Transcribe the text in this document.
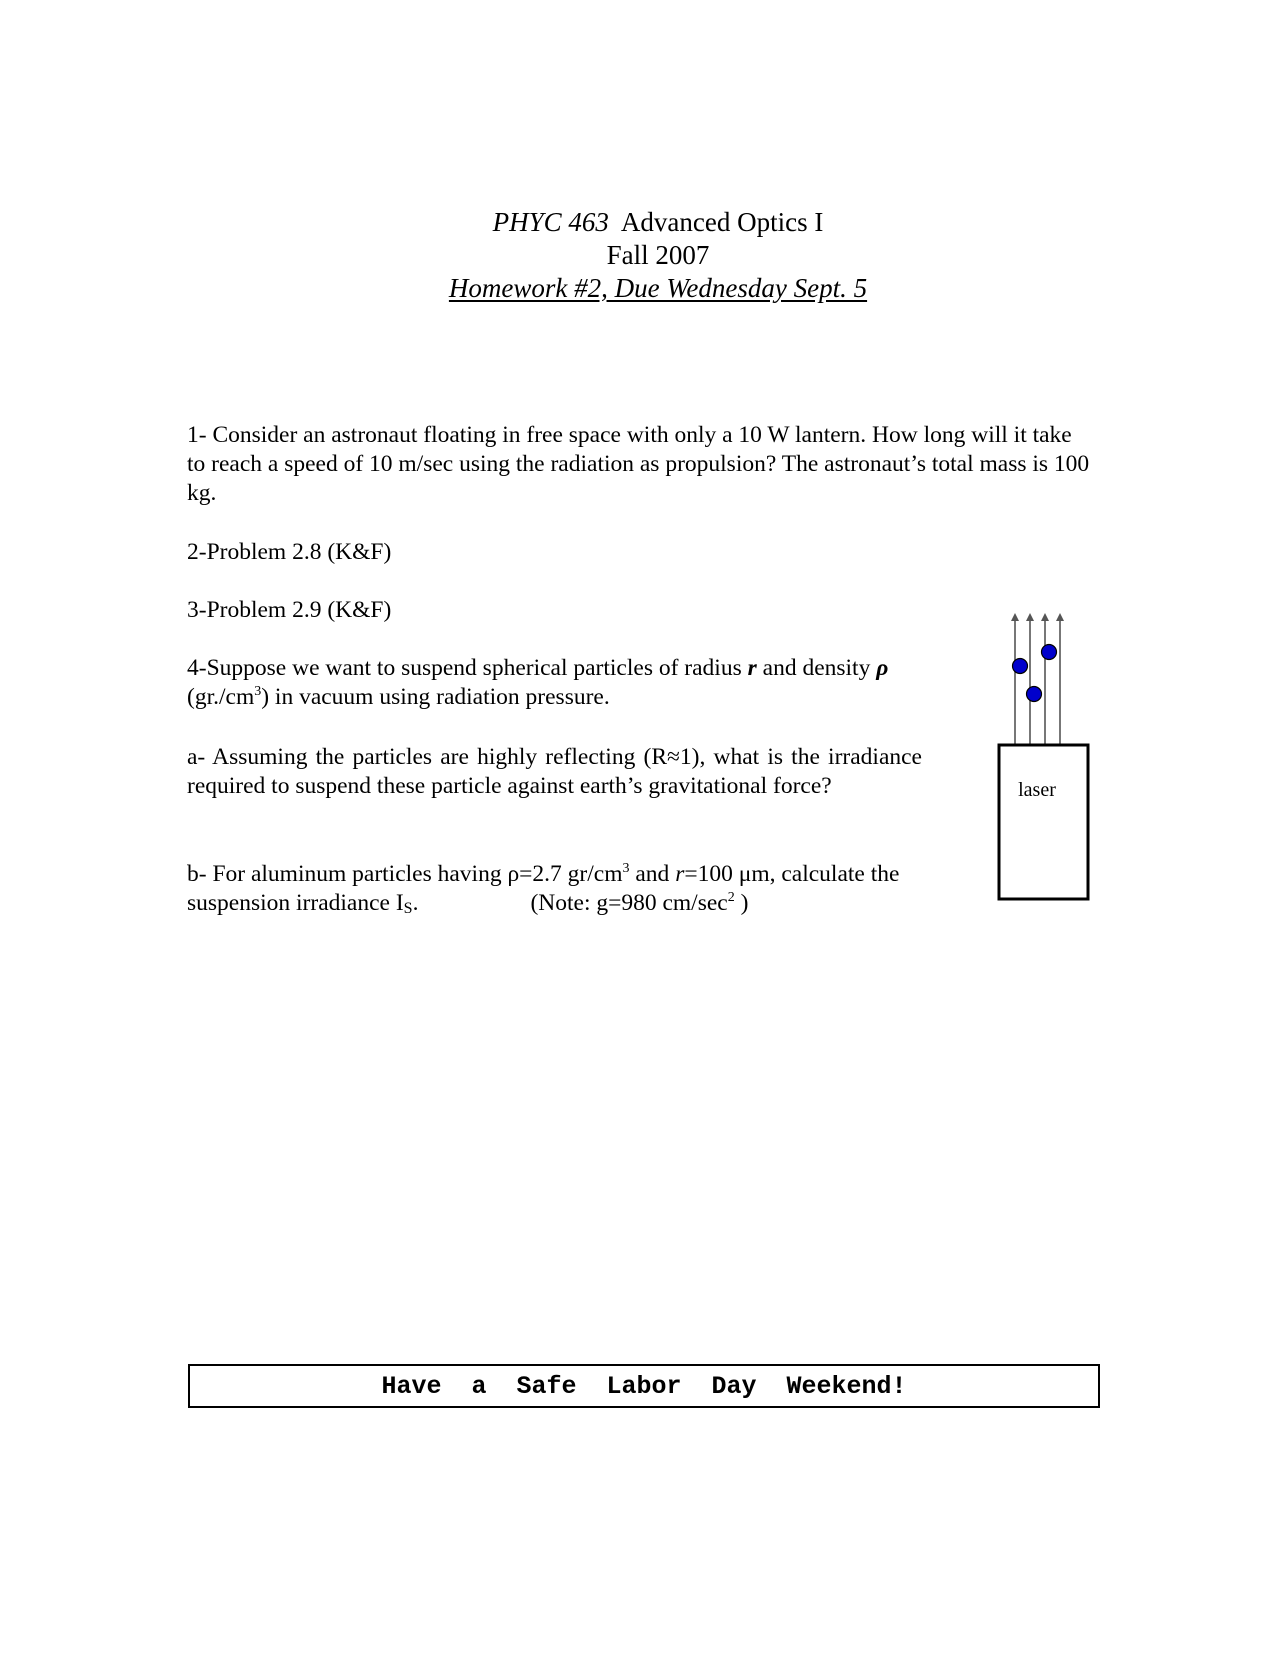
PHYC 463 Advanced Optics I
Fall 2007
Homework #2, Due Wednesday Sept. 5
1- Consider an astronaut floating in free space with only a 10 W lantern. How long will it take to reach a speed of 10 m/sec using the radiation as propulsion? The astronaut’s total mass is 100 kg.
2-Problem 2.8 (K&F)
3-Problem 2.9 (K&F)
4-Suppose we want to suspend spherical particles of radius r and density ρ $(gr./cm^3)$ in vacuum using radiation pressure.
a- Assuming the particles are highly reflecting (R≈1), what is the irradiance required to suspend these particle against earth’s gravitational force?
b- For aluminum particles having ρ=2.7 $gr/cm^3$ and r=100 μm, calculate the suspension irradiance $I_S$.	(Note: g=980 $cm/\sec^2$ )
laser
Have  a  Safe  Labor  Day  Weekend!
